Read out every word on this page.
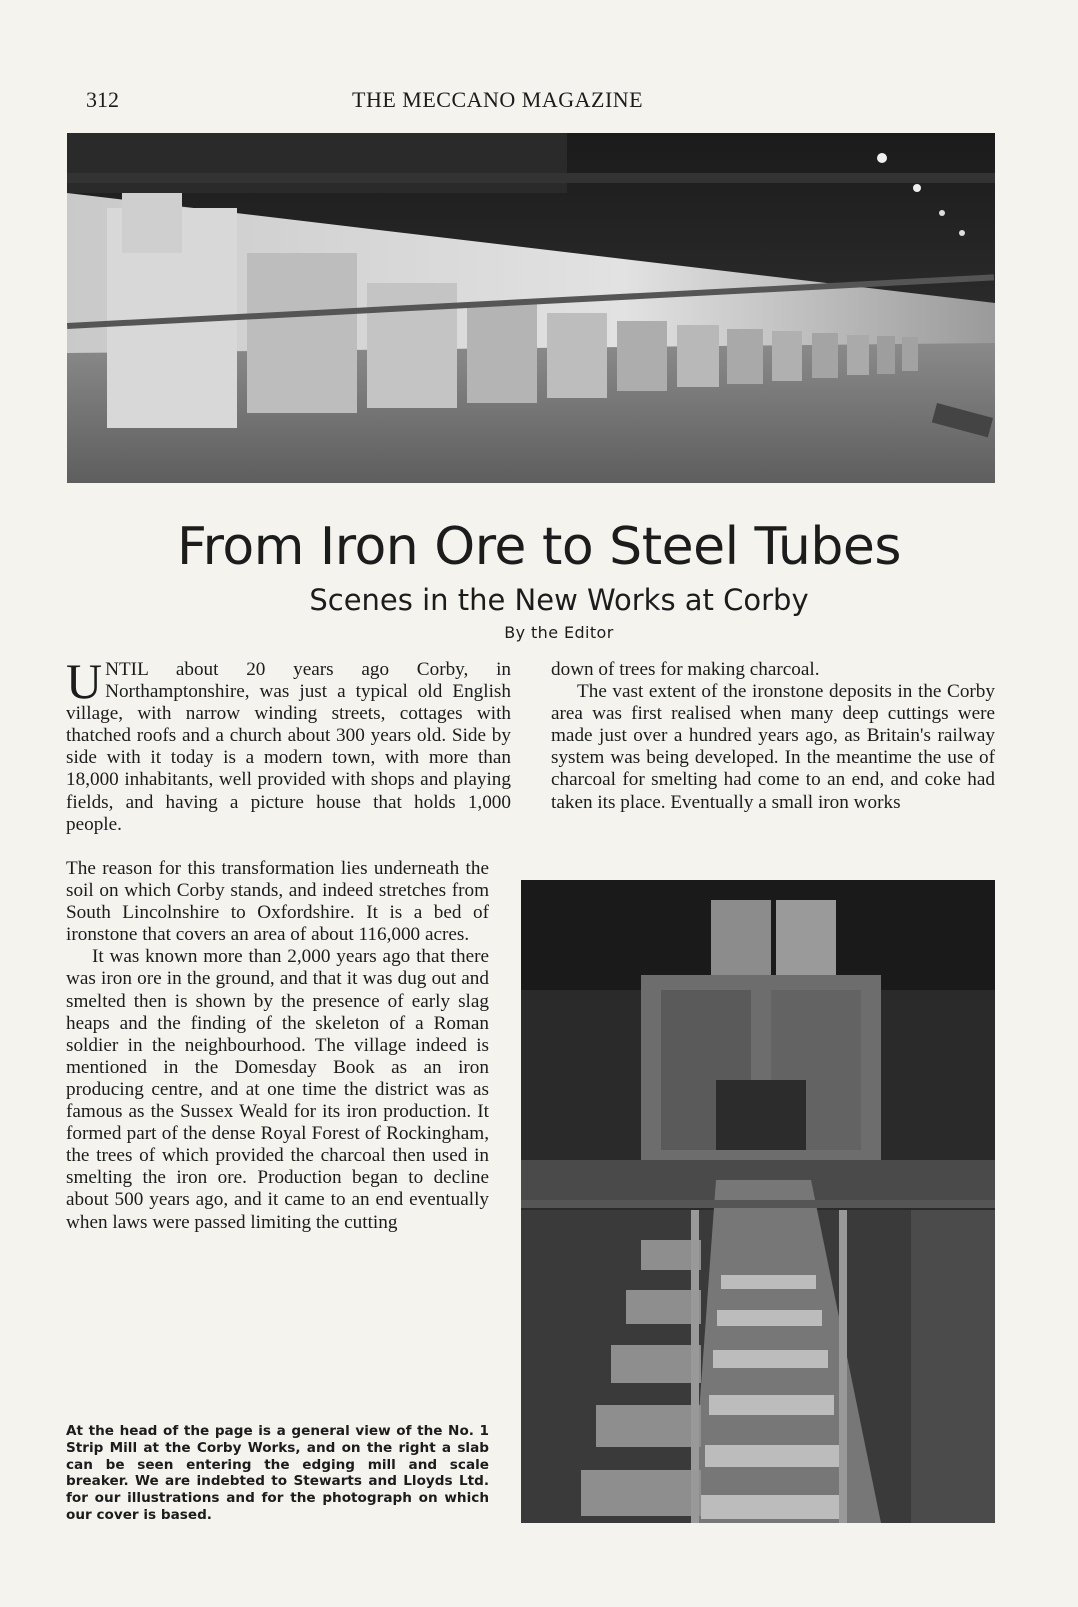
312	THE MECCANO MAGAZINE
From Iron Ore to Steel Tubes
Scenes in the New Works at Corby
By the Editor

UNTIL about 20 years ago Corby, in Northamptonshire, was just a typical old English village, with narrow winding streets, cottages with thatched roofs and a church about 300 years old. Side by side with it today is a modern town, with more than 18,000 inhabitants, well provided with shops and playing fields, and having a picture house that holds 1,000 people.

The reason for this transformation lies underneath the soil on which Corby stands, and indeed stretches from South Lincolnshire to Oxfordshire. It is a bed of ironstone that covers an area of about 116,000 acres.

It was known more than 2,000 years ago that there was iron ore in the ground, and that it was dug out and smelted then is shown by the presence of early slag heaps and the finding of the skeleton of a Roman soldier in the neighbourhood. The village indeed is mentioned in the Domesday Book as an iron producing centre, and at one time the district was as famous as the Sussex Weald for its iron production. It formed part of the dense Royal Forest of Rockingham, the trees of which provided the charcoal then used in smelting the iron ore. Production began to decline about 500 years ago, and it came to an end eventually when laws were passed limiting the cutting

down of trees for making charcoal.

The vast extent of the ironstone deposits in the Corby area was first realised when many deep cuttings were made just over a hundred years ago, as Britain's railway system was being developed. In the meantime the use of charcoal for smelting had come to an end, and coke had taken its place. Eventually a small iron works

At the head of the page is a general view of the No. 1 Strip Mill at the Corby Works, and on the right a slab can be seen entering the edging mill and scale breaker. We are indebted to Stewarts and Lloyds Ltd. for our illustrations and for the photograph on which our cover is based.
